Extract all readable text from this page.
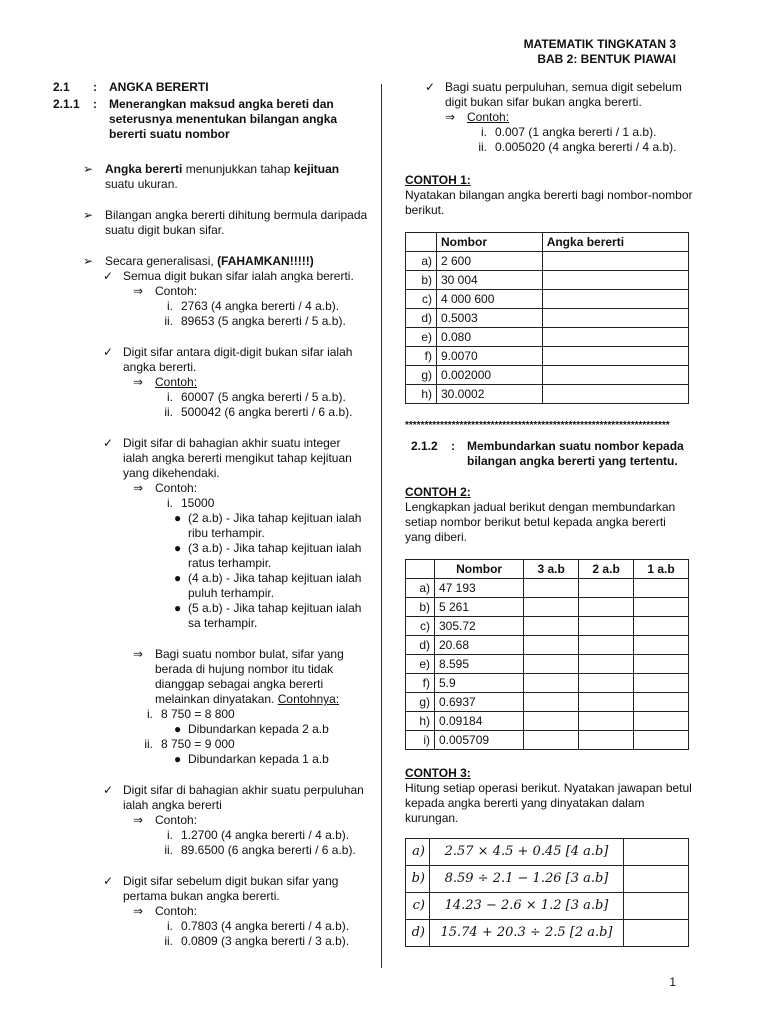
MATEMATIK TINGKATAN 3
BAB 2: BENTUK PIAWAI
2.1	:	ANGKA BERERTI
2.1.1	:	Menerangkan maksud angka bereti dan seterusnya menentukan bilangan angka bererti suatu nombor
➢ Angka bererti menunjukkan tahap kejituan suatu ukuran.
➢ Bilangan angka bererti dihitung bermula daripada suatu digit bukan sifar.
➢ Secara generalisasi, (FAHAMKAN!!!!!)
✓ Semua digit bukan sifar ialah angka bererti.
⇒ Contoh:
i. 2763 (4 angka bererti / 4 a.b).
ii. 89653 (5 angka bererti / 5 a.b).
✓ Digit sifar antara digit-digit bukan sifar ialah angka bererti.
⇒ Contoh:
i. 60007 (5 angka bererti / 5 a.b).
ii. 500042 (6 angka bererti / 6 a.b).
✓ Digit sifar di bahagian akhir suatu integer ialah angka bererti mengikut tahap kejituan yang dikehendaki.
⇒ Contoh:
i. 15000
● (2 a.b) - Jika tahap kejituan ialah ribu terhampir.
● (3 a.b) - Jika tahap kejituan ialah ratus terhampir.
● (4 a.b) - Jika tahap kejituan ialah puluh terhampir.
● (5 a.b) - Jika tahap kejituan ialah sa terhampir.
⇒ Bagi suatu nombor bulat, sifar yang berada di hujung nombor itu tidak dianggap sebagai angka bererti melainkan dinyatakan. Contohnya:
i. 8 750 = 8 800
● Dibundarkan kepada 2 a.b
ii. 8 750 = 9 000
● Dibundarkan kepada 1 a.b
✓ Digit sifar di bahagian akhir suatu perpuluhan ialah angka bererti
⇒ Contoh:
i. 1.2700 (4 angka bererti / 4 a.b).
ii. 89.6500 (6 angka bererti / 6 a.b).
✓ Digit sifar sebelum digit bukan sifar yang pertama bukan angka bererti.
⇒ Contoh:
i. 0.7803 (4 angka bererti / 4 a.b).
ii. 0.0809 (3 angka bererti / 3 a.b).
✓ Bagi suatu perpuluhan, semua digit sebelum digit bukan sifar bukan angka bererti.
⇒ Contoh:
i. 0.007 (1 angka bererti / 1 a.b).
ii. 0.005020 (4 angka bererti / 4 a.b).
CONTOH 1:
Nyatakan bilangan angka bererti bagi nombor-nombor berikut.
	Nombor	Angka bererti
a)	2 600	
b)	30 004	
c)	4 000 600	
d)	0.5003	
e)	0.080	
f)	9.0070	
g)	0.002000	
h)	30.0002	
********************************************************************
2.1.2	:	Membundarkan suatu nombor kepada bilangan angka bererti yang tertentu.
CONTOH 2:
Lengkapkan jadual berikut dengan membundarkan setiap nombor berikut betul kepada angka bererti yang diberi.
	Nombor	3 a.b	2 a.b	1 a.b
a)	47 193			
b)	5 261			
c)	305.72			
d)	20.68			
e)	8.595			
f)	5.9			
g)	0.6937			
h)	0.09184			
i)	0.005709			
CONTOH 3:
Hitung setiap operasi berikut. Nyatakan jawapan betul kepada angka bererti yang dinyatakan dalam kurungan.
a)	2.57 × 4.5 + 0.45 [4 a.b]	
b)	8.59 ÷ 2.1 − 1.26 [3 a.b]	
c)	14.23 − 2.6 × 1.2 [3 a.b]	
d)	15.74 + 20.3 ÷ 2.5 [2 a.b]	
1
